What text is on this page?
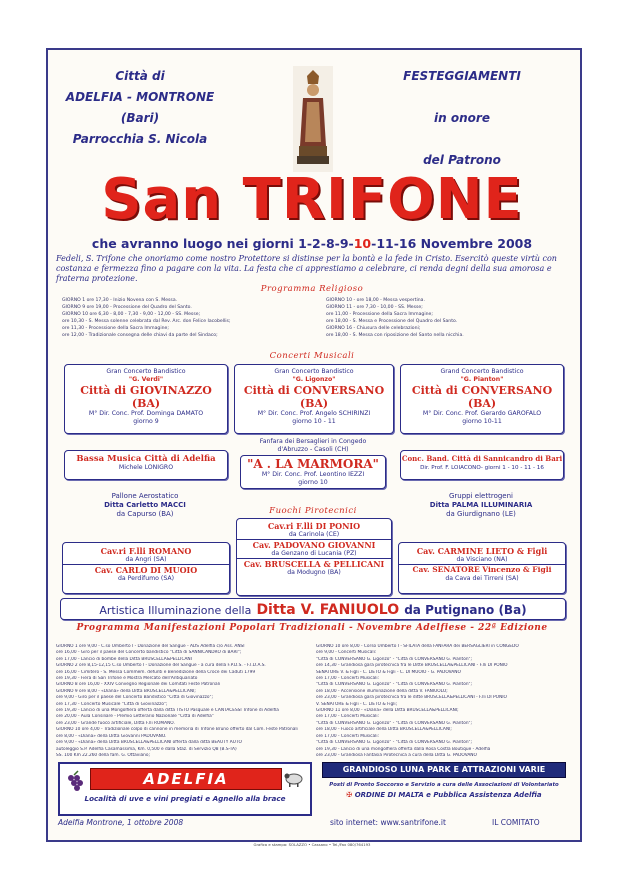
Città di
ADELFIA - MONTRONE
(Bari)
Parrocchia S. Nicola
FESTEGGIAMENTI
in onore
del Patrono
San TRIFONE
che avranno luogo nei giorni 1-2-8-9-10-11-16 Novembre 2008
Fedeli, S. Trifone che onoriamo come nostro Protettore si distinse per la bontà e la fede in Cristo. Esercitò queste virtù con costanza e fermezza fino a pagare con la vita. La festa che ci apprestiamo a celebrare, ci renda degni della sua amorosa e fraterna protezione.
Programma Religioso
GIORNO 1 ore 17,30 - Inizio Novena con S. Messa.
GIORNO 9 ore 19,00 - Processione del Quadro del Santo.
GIORNO 10 ore 6,30 - 8,00 - 7,30 - 9,00 - 12,00 - SS. Messe;
ore 10,30 - S. Messa solenne celebrata dal Rev. Arc. don Felice Iacobellis;
ore 11,30 - Processione della Sacra Immagine;
ore 12,00 - Tradizionale consegna delle chiavi da parte del Sindaco;
GIORNO 10 - ore 18,00 - Messa vespertina.
GIORNO 11 - ore 7,30 - 10,00 - SS. Messe;
ore 11,00 - Processione della Sacra Immagine;
ore 18,00 - S. Messa e Processione del Quadro del Santo.
GIORNO 16 - Chiusura delle celebrazioni;
ore 18,00 - S. Messa con riposizione del Santo nella nicchia.
Concerti Musicali
Gran Concerto Bandistico
"G. Verdi"
Città di GIOVINAZZO (BA)
M° Dir. Conc. Prof. Dominga DAMATO
giorno 9
Gran Concerto Bandistico
"G. Ligonzo"
Città di CONVERSANO (BA)
M° Dir. Conc. Prof. Angelo SCHIRINZI
giorno 10 - 11
Grand Concerto Bandistico
"G. Pianton"
Città di CONVERSANO (BA)
M° Dir. Conc. Prof. Gerardo GAROFALO
giorno 10-11
Bassa Musica Città di Adelfia
Michele LONIGRO
Fanfara dei Bersaglieri in Congedo
d'Abruzzo - Casoli (CH)
"A . LA MARMORA"
M° Dir. Conc. Prof. Leontino IEZZI
giorno 10
Conc. Band. Città di Sannicandro di Bari
Dir. Prof. F. LOIACONO- giorni 1 - 10 - 11 - 16
Pallone Aerostatico
Ditta Carletto MACCI
da Capurso (BA)
Gruppi elettrogeni
Ditta PALMA ILLUMINARIA
da Giurdignano (LE)
Fuochi Pirotecnici
Cav.ri F.lli DI PONIO
da Carinola (CE)
Cav. PADOVANO GIOVANNI
da Genzano di Lucania (PZ)
Cav. BRUSCELLA & PELLICANI
da Modugno (BA)
Cav.ri F.lli ROMANO
da Angri (SA)
Cav. CARLO DI MUOIO
da Perdifumo (SA)
Cav. CARMINE LIETO & Figli
da Visciano (NA)
Cav. SENATORE Vincenzo & Figli
da Cava dei Tirreni (SA)
Artistica Illuminazione della Ditta V. FANIUOLO da Putignano (Ba)
Programma Manifestazioni Popolari Tradizionali - Novembre Adelfiese - 22ª Edizione
GIORNO 1 ore 9,00 - C.so Umberto I - Donazione del Sangue - ADS Adelfia c/o Ass. ANSI
ore 16,00 - Giro per il paese del Concerto bandistico "Città di SANNICANDRO di BARI";
ore 17,00 - Lancio di bombe della Ditta BRUSCELLA&PELLICANI
GIORNO 2 ore 8,15-12,15 C.so Umberto I - Donazione del Sangue - a cura della F.P.D.S. - F.I.D.A.S.
ore 16,00 - Cimitero - S. Messa Commem. defunti e Benedizione della Croce dei Caduti 1799
ore 19,30 - Fiera di San Trifone e Mostra Mercato dell'Antiquariato
GIORNO 8 ore 16,00 - XXIV Convegno Regionale dei Comitati Feste Patronali
GIORNO 9 ore 8,00 - «Diana» della Ditta BRUSCELLA&PELLICANI;
ore 9,00 - Giro per il paese del Concerto Bandistico "Città di Giovinazzo";
ore 17,30 - Concerto Musicale "Città di Giovinazzo";
ore 19,30 - Lancio di una Mongolfiera offerta dalla ditta TISTO Pasquale e CANTACESSI Trifone di Adelfia
ore 20,00 - Aula Consiliare - Premio Letterario Nazionale "Città di Adelfia"
ore 23,00 - Grande fuoco artificiale, Ditta F.lli ROMANO.
GIORNO 10 ore 4,00 - Tradizionale colpo di cannone in memoria di Trifone Bruno offerto dal Com. Feste Patronali
ore 8,00 - «Diana» della Ditta Giovanni PADOVANO.
ore 9,00 - «Diana» della Ditta BRUSCELLA&PELLICANI offerta dalla ditta BEAUTY AUTO
autoleggio S.P. Adelfia Casamassima, Km. 0,500 e dalla Staz. di Servizio Q8 (B.S-TA)
SS. 100 Km 22.260 della fam. G. Ottaviano;
GIORNO 10 ore 8,00 - Corso Umberto I - SFILATA della FANFARA dei BERSAGLIERI in CONGEDO
ore 9,00 - Concerti Musicali:
"Città di CONVERSANO G. Ligonzo" - "Città di CONVERSANO G. Pianton";
ore 14,30 - Grandiosa gara pirotecnica fra le Ditte BRUSCELLA&PELLICANI - F.lli DI PONIO
SENATORE V. & Figli - C. LIETO & Figli - C. DI MUOIO - G. PADOVANO
ore 17,00 - Concerti Musicali:
"Città di CONVERSANO G. Ligonzo" - "Città di CONVERSANO G. Pianton";
ore 18,00 - Accensione illuminazione della ditta V. FANIUOLO;
ore 23,00 - Grandiosa gara pirotecnica fra le ditte BRUSCELLA&PELLICANI - F.lli DI PONIO
V. SENATORE & Figli - C. LIETO & Figli;
GIORNO 11 ore 8,00 - «Diana» della Ditta BRUSCELLA&PELLICANI;
ore 17,00 - Concerti Musicali:
"Città di CONVERSANO G. Ligonzo" - "Città di CONVERSANO G. Pianton";
ore 18,00 - Fuoco artificiale della Ditta BRUSCELLA&PELLICANI;
ore 17,00 - Concerti Musicali:
"Città di CONVERSANO G. Ligonzo" - "Città di CONVERSANO G. Pianton";
ore 19,30 - Lancio di una mongolfiera offerta dalla Rosa Costla Boutique - Adelfia
ore 23,00 - Grandiosa Fantasia Pirotecnica a cura della Ditta G. PADOVANO
ADELFIA
Località di uve e vini pregiati e Agnello alla brace
GRANDIOSO LUNA PARK E ATTRAZIONI VARIE
Posti di Pronto Soccorso e Servizio a cura delle Associazioni di Volontariato
✠ ORDINE DI MALTA e Pubblica Assistenza Adelfia
Adelfia Montrone, 1 ottobre 2008	sito internet: www.santrifone.it	IL COMITATO
Grafica e stampa: SOLAZZO • Cassano • Tel./Fax 080/764193
